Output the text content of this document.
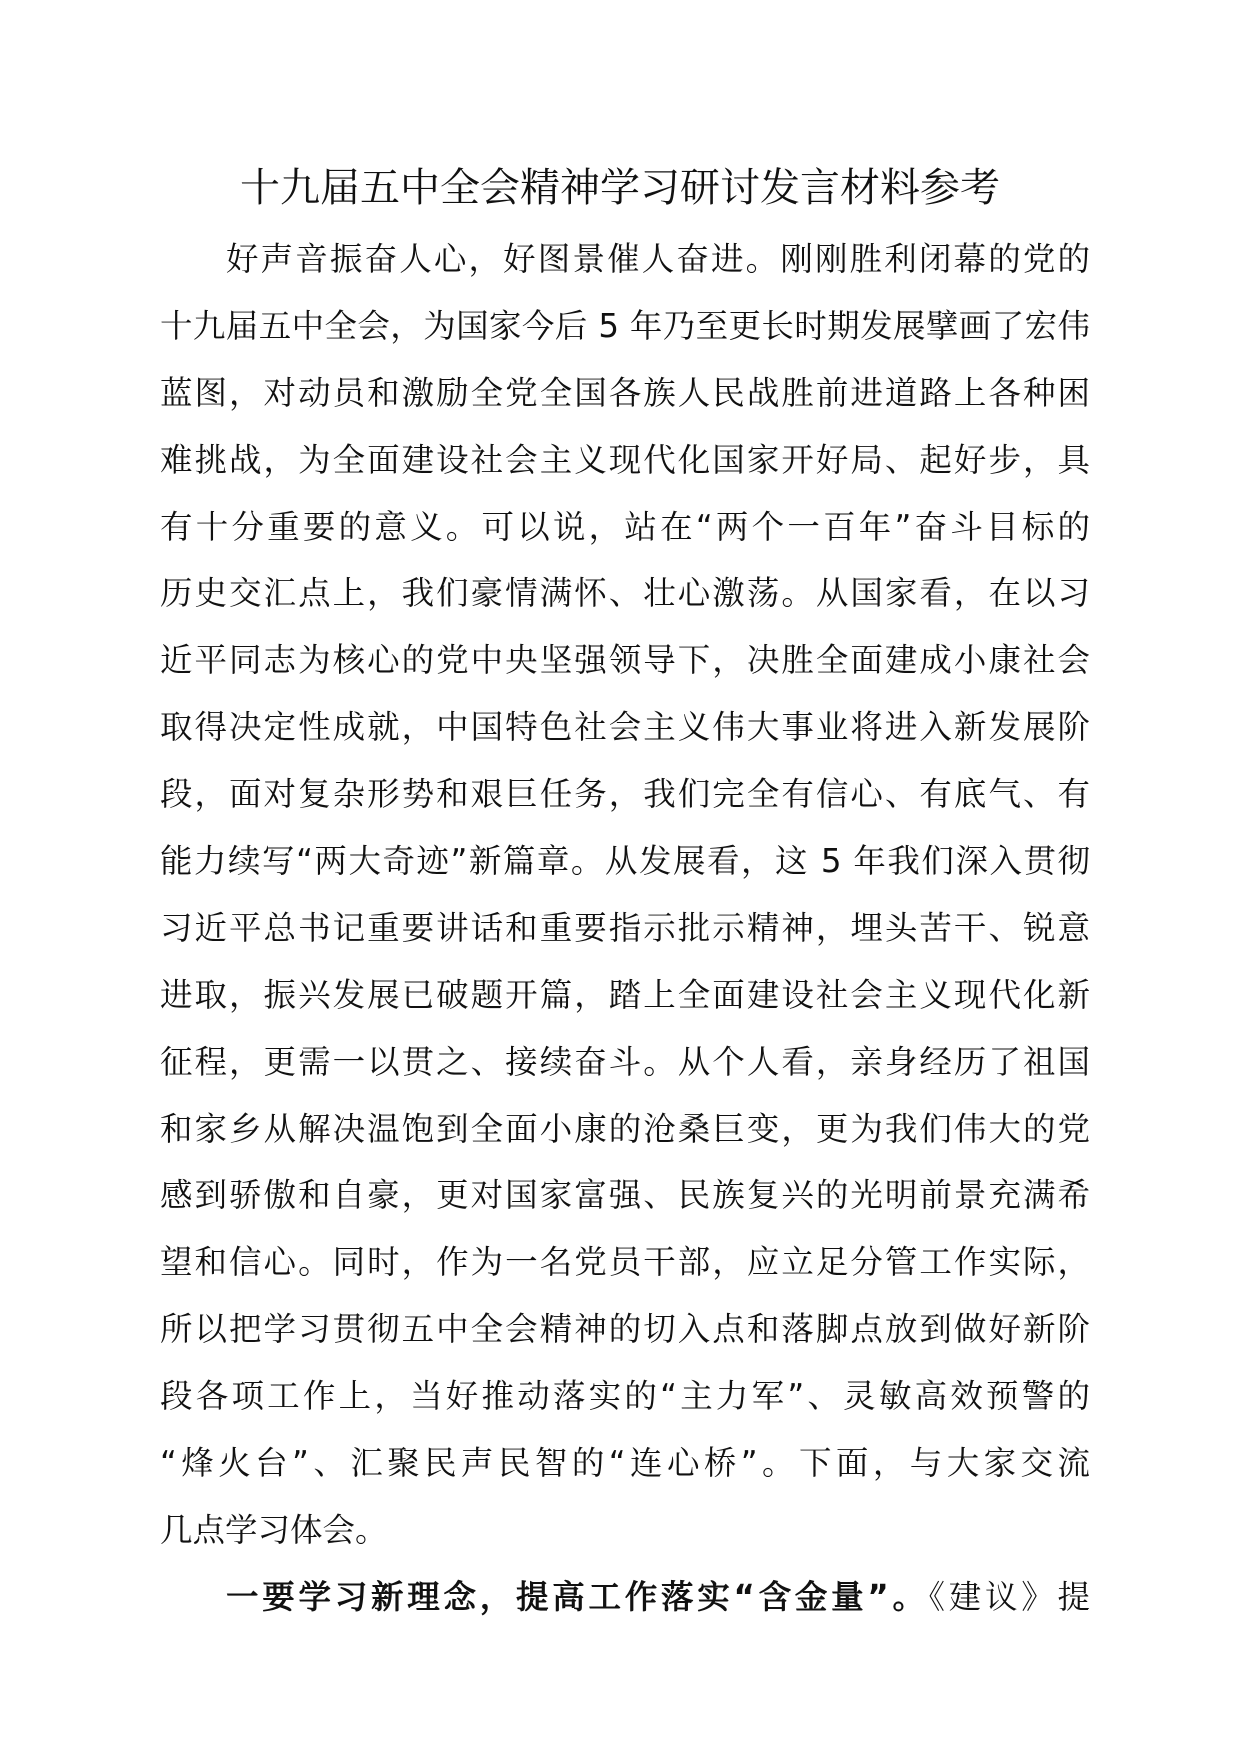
十九届五中全会精神学习研讨发言材料参考
好声音振奋人心，好图景催人奋进。刚刚胜利闭幕的党的
十九届五中全会，为国家今后 5 年乃至更长时期发展擘画了宏伟
蓝图，对动员和激励全党全国各族人民战胜前进道路上各种困
难挑战，为全面建设社会主义现代化国家开好局、起好步，具
有十分重要的意义。可以说，站在“两个一百年”奋斗目标的
历史交汇点上，我们豪情满怀、壮心激荡。从国家看，在以习
近平同志为核心的党中央坚强领导下，决胜全面建成小康社会
取得决定性成就，中国特色社会主义伟大事业将进入新发展阶
段，面对复杂形势和艰巨任务，我们完全有信心、有底气、有
能力续写“两大奇迹”新篇章。从发展看，这 5 年我们深入贯彻
习近平总书记重要讲话和重要指示批示精神，埋头苦干、锐意
进取，振兴发展已破题开篇，踏上全面建设社会主义现代化新
征程，更需一以贯之、接续奋斗。从个人看，亲身经历了祖国
和家乡从解决温饱到全面小康的沧桑巨变，更为我们伟大的党
感到骄傲和自豪，更对国家富强、民族复兴的光明前景充满希
望和信心。同时，作为一名党员干部，应立足分管工作实际，
所以把学习贯彻五中全会精神的切入点和落脚点放到做好新阶
段各项工作上，当好推动落实的“主力军”、灵敏高效预警的
“烽火台”、汇聚民声民智的“连心桥”。下面，与大家交流
几点学习体会。
一要学习新理念，提高工作落实“含金量”。《建议》提
